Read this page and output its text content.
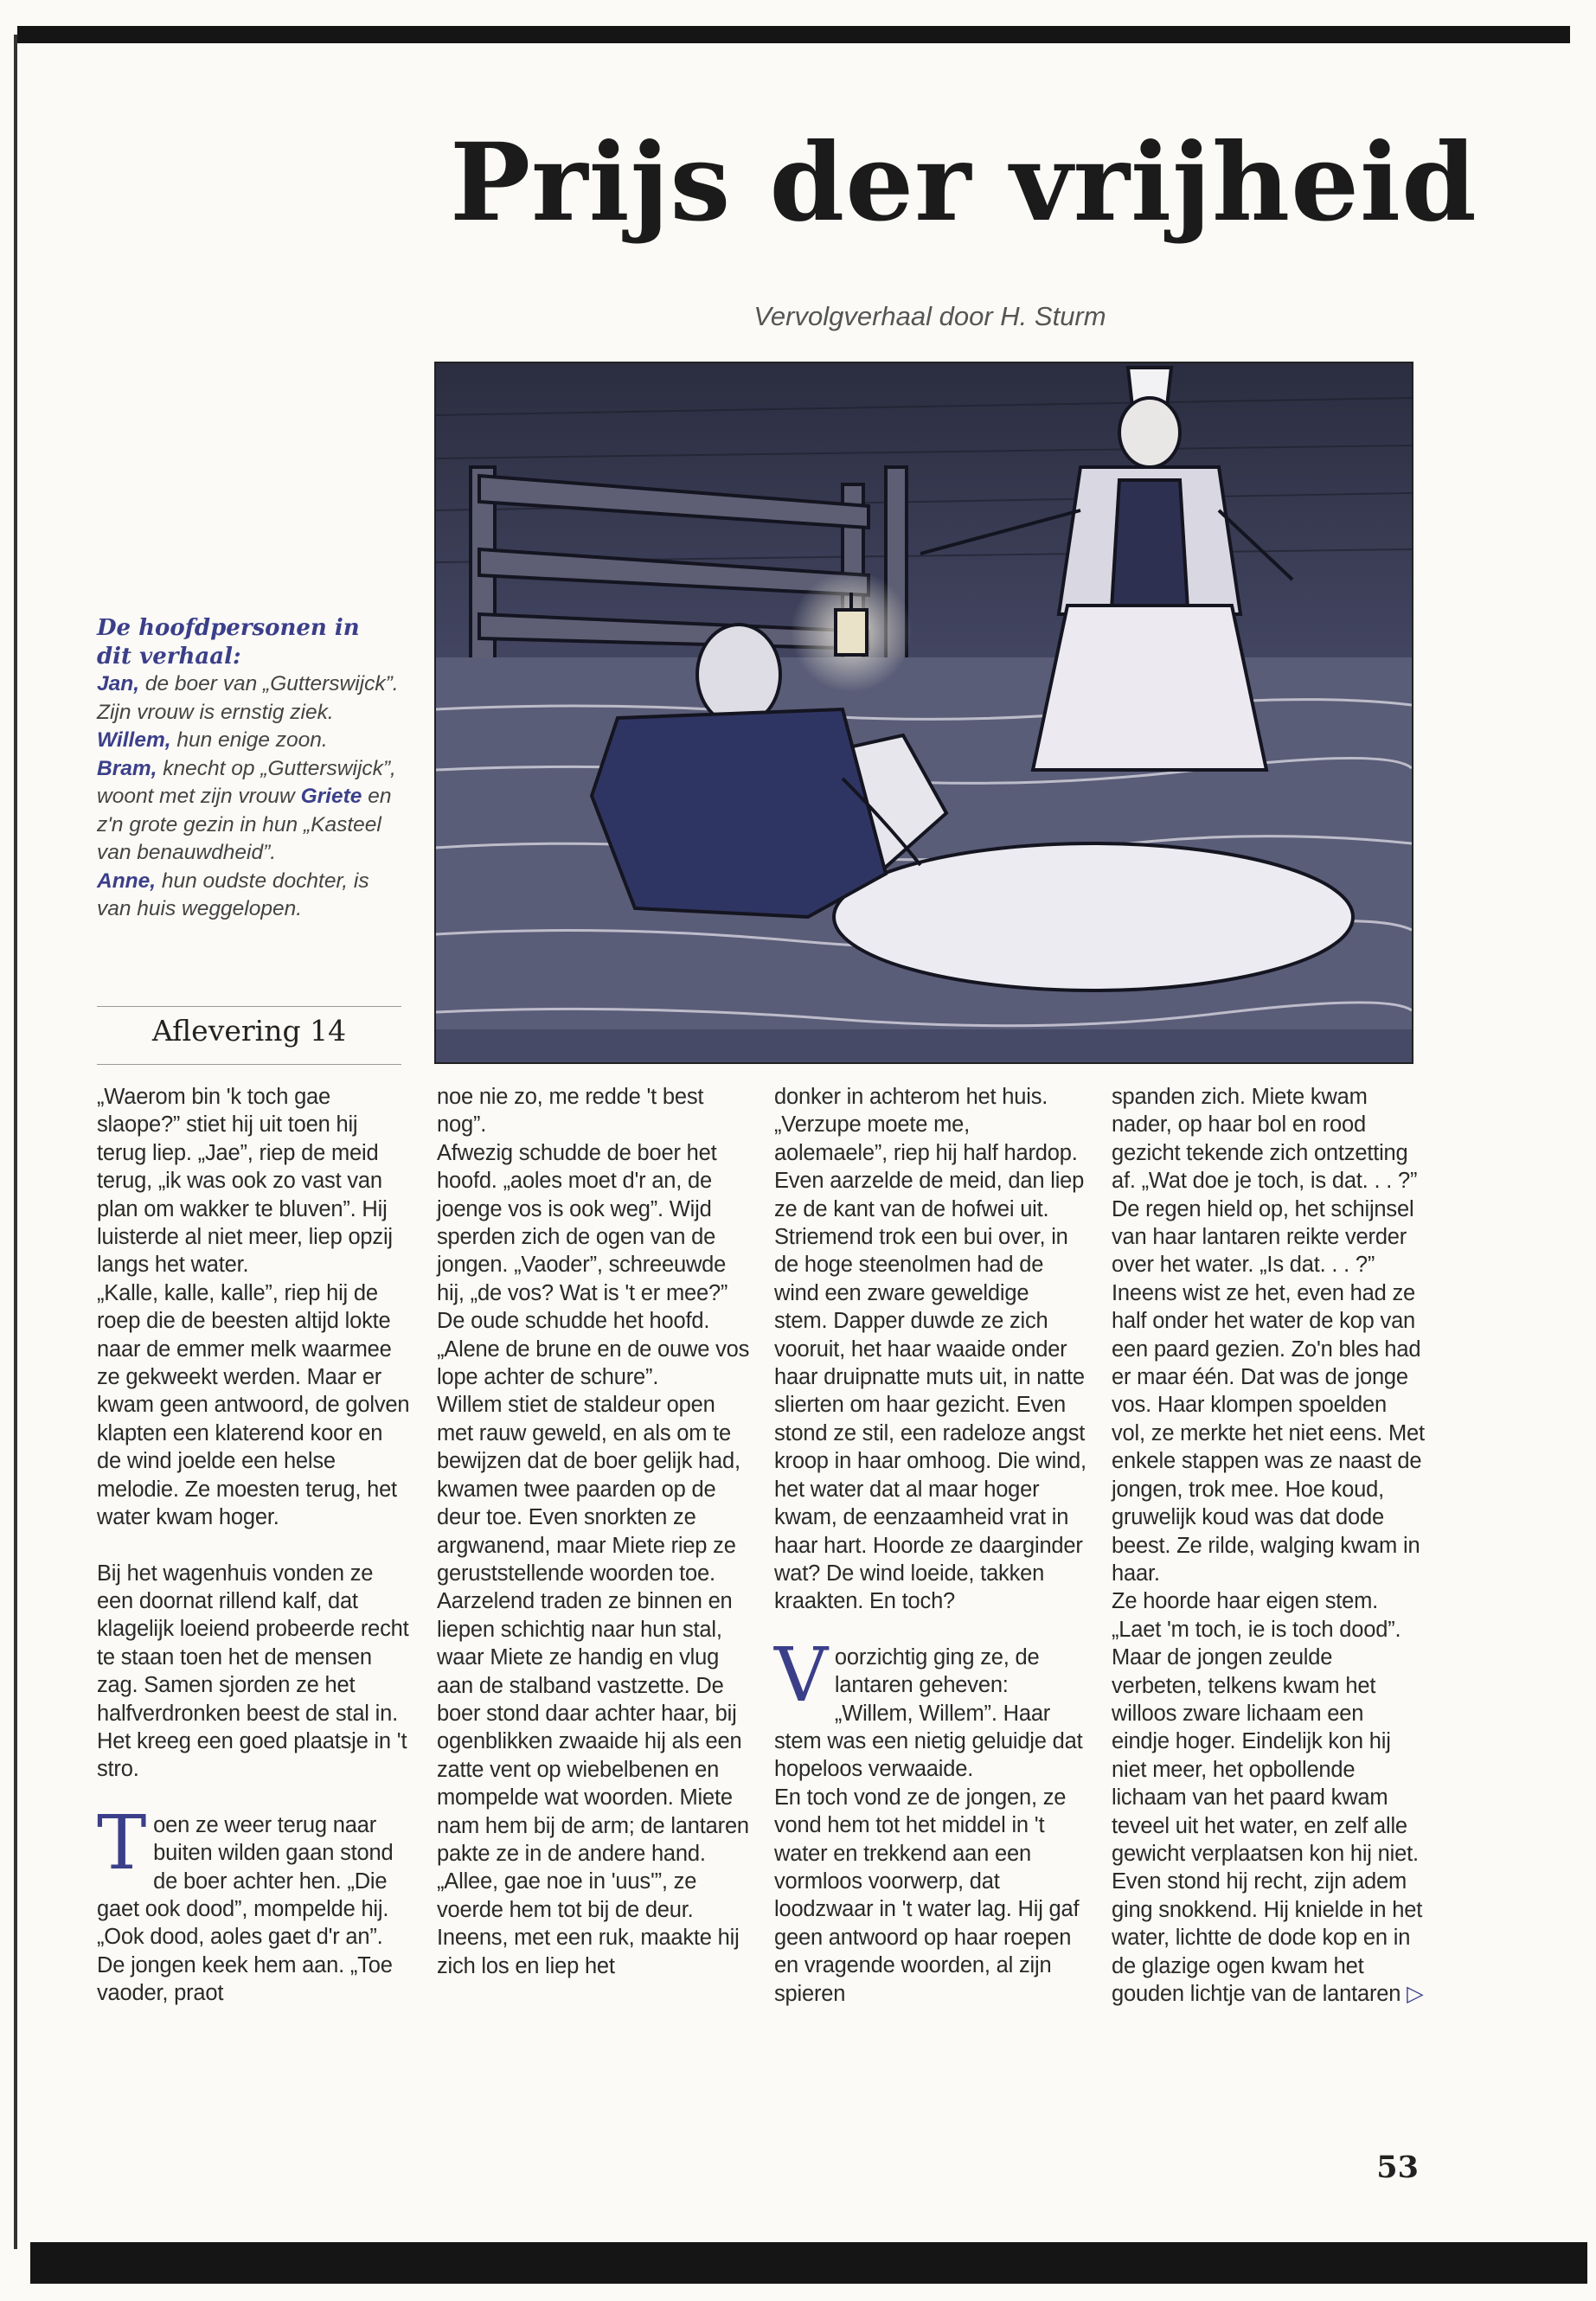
Prijs der vrijheid

Vervolgverhaal door H. Sturm

De hoofdpersonen in dit verhaal:

Jan, de boer van „Gutterswijck”. Zijn vrouw is ernstig ziek.

Willem, hun enige zoon.

Bram, knecht op „Gutterswijck”, woont met zijn vrouw Griete en z'n grote gezin in hun „Kasteel van benauwdheid”.

Anne, hun oudste dochter, is van huis weggelopen.

Aflevering 14

„Waerom bin 'k toch gae slaope?” stiet hij uit toen hij terug liep. „Jae”, riep de meid terug, „ik was ook zo vast van plan om wakker te bluven”. Hij luisterde al niet meer, liep opzij langs het water.

„Kalle, kalle, kalle”, riep hij de roep die de beesten altijd lokte naar de emmer melk waarmee ze gekweekt werden. Maar er kwam geen antwoord, de golven klapten een klaterend koor en de wind joelde een helse melodie. Ze moesten terug, het water kwam hoger.

Bij het wagenhuis vonden ze een doornat rillend kalf, dat klagelijk loeiend probeerde recht te staan toen het de mensen zag. Samen sjorden ze het halfverdronken beest de stal in. Het kreeg een goed plaatsje in 't stro.

Toen ze weer terug naar buiten wilden gaan stond de boer achter hen. „Die gaet ook dood”, mompelde hij. „Ook dood, aoles gaet d'r an”. De jongen keek hem aan. „Toe vaoder, praot

noe nie zo, me redde 't best nog”.

Afwezig schudde de boer het hoofd. „aoles moet d'r an, de joenge vos is ook weg”. Wijd sperden zich de ogen van de jongen. „Vaoder”, schreeuwde hij, „de vos? Wat is 't er mee?”

De oude schudde het hoofd. „Alene de brune en de ouwe vos lope achter de schure”.

Willem stiet de staldeur open met rauw geweld, en als om te bewijzen dat de boer gelijk had, kwamen twee paarden op de deur toe. Even snorkten ze argwanend, maar Miete riep ze geruststellende woorden toe. Aarzelend traden ze binnen en liepen schichtig naar hun stal, waar Miete ze handig en vlug aan de stalband vastzette. De boer stond daar achter haar, bij ogenblikken zwaaide hij als een zatte vent op wiebelbenen en mompelde wat woorden. Miete nam hem bij de arm; de lantaren pakte ze in de andere hand.

„Allee, gae noe in 'uus'”, ze voerde hem tot bij de deur. Ineens, met een ruk, maakte hij zich los en liep het

donker in achterom het huis.

„Verzupe moete me, aolemaele”, riep hij half hardop. Even aarzelde de meid, dan liep ze de kant van de hofwei uit. Striemend trok een bui over, in de hoge steenolmen had de wind een zware geweldige stem. Dapper duwde ze zich vooruit, het haar waaide onder haar druipnatte muts uit, in natte slierten om haar gezicht. Even stond ze stil, een radeloze angst kroop in haar omhoog. Die wind, het water dat al maar hoger kwam, de eenzaamheid vrat in haar hart. Hoorde ze daarginder wat? De wind loeide, takken kraakten. En toch?

Voorzichtig ging ze, de lantaren geheven: „Willem, Willem”. Haar stem was een nietig geluidje dat hopeloos verwaaide.

En toch vond ze de jongen, ze vond hem tot het middel in 't water en trekkend aan een vormloos voorwerp, dat loodzwaar in 't water lag. Hij gaf geen antwoord op haar roepen en vragende woorden, al zijn spieren

spanden zich. Miete kwam nader, op haar bol en rood gezicht tekende zich ontzetting af. „Wat doe je toch, is dat. . . ?” De regen hield op, het schijnsel van haar lantaren reikte verder over het water. „Is dat. . . ?” Ineens wist ze het, even had ze half onder het water de kop van een paard gezien. Zo'n bles had er maar één. Dat was de jonge vos. Haar klompen spoelden vol, ze merkte het niet eens. Met enkele stappen was ze naast de jongen, trok mee. Hoe koud, gruwelijk koud was dat dode beest. Ze rilde, walging kwam in haar.

Ze hoorde haar eigen stem. „Laet 'm toch, ie is toch dood”. Maar de jongen zeulde verbeten, telkens kwam het willoos zware lichaam een eindje hoger. Eindelijk kon hij niet meer, het opbollende lichaam van het paard kwam teveel uit het water, en zelf alle gewicht verplaatsen kon hij niet. Even stond hij recht, zijn adem ging snokkend. Hij knielde in het water, lichtte de dode kop en in de glazige ogen kwam het gouden lichtje van de lantaren ▷

53
